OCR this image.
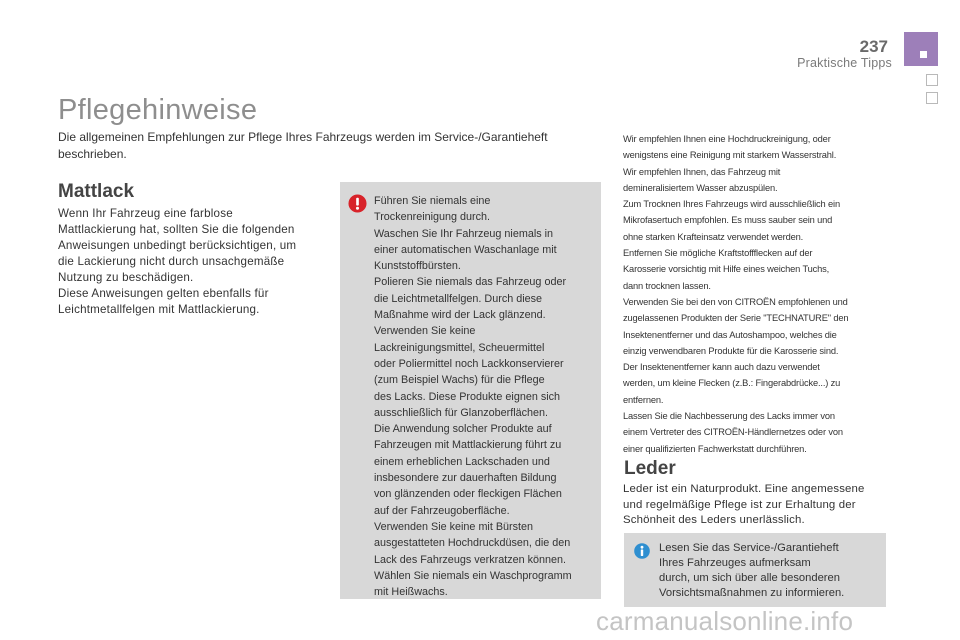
237
Praktische Tipps
Pflegehinweise

Die allgemeinen Empfehlungen zur Pflege Ihres Fahrzeugs werden im Service-/Garantieheft

beschrieben.

Mattlack

Wenn Ihr Fahrzeug eine farblose

Mattlackierung hat, sollten Sie die folgenden

Anweisungen unbedingt berücksichtigen, um

die Lackierung nicht durch unsachgemäße

Nutzung zu beschädigen.

Diese Anweisungen gelten ebenfalls für

Leichtmetallfelgen mit Mattlackierung.

Führen Sie niemals eine

Trockenreinigung durch.

Waschen Sie Ihr Fahrzeug niemals in

einer automatischen Waschanlage mit

Kunststoffbürsten.

Polieren Sie niemals das Fahrzeug oder

die Leichtmetallfelgen. Durch diese

Maßnahme wird der Lack glänzend.

Verwenden Sie keine

Lackreinigungsmittel, Scheuermittel

oder Poliermittel noch Lackkonservierer

(zum Beispiel Wachs) für die Pflege

des Lacks. Diese Produkte eignen sich

ausschließlich für Glanzoberflächen.

Die Anwendung solcher Produkte auf

Fahrzeugen mit Mattlackierung führt zu

einem erheblichen Lackschaden und

insbesondere zur dauerhaften Bildung

von glänzenden oder fleckigen Flächen

auf der Fahrzeugoberfläche.

Verwenden Sie keine mit Bürsten

ausgestatteten Hochdruckdüsen, die den

Lack des Fahrzeugs verkratzen können.

Wählen Sie niemals ein Waschprogramm

mit Heißwachs.

Wir empfehlen Ihnen eine Hochdruckreinigung, oder

wenigstens eine Reinigung mit starkem Wasserstrahl.

Wir empfehlen Ihnen, das Fahrzeug mit

demineralisiertem Wasser abzuspülen.

Zum Trocknen Ihres Fahrzeugs wird ausschließlich ein

Mikrofasertuch empfohlen. Es muss sauber sein und

ohne starken Krafteinsatz verwendet werden.

Entfernen Sie mögliche Kraftstoffflecken auf der

Karosserie vorsichtig mit Hilfe eines weichen Tuchs,

dann trocknen lassen.

Verwenden Sie bei den von CITROËN empfohlenen und

zugelassenen Produkten der Serie "TECHNATURE" den

Insektenentferner und das Autoshampoo, welches die

einzig verwendbaren Produkte für die Karosserie sind.

Der Insektenentferner kann auch dazu verwendet

werden, um kleine Flecken (z.B.: Fingerabdrücke...) zu

entfernen.

Lassen Sie die Nachbesserung des Lacks immer von

einem Vertreter des CITROËN-Händlernetzes oder von

einer qualifizierten Fachwerkstatt durchführen.

Leder

Leder ist ein Naturprodukt. Eine angemessene

und regelmäßige Pflege ist zur Erhaltung der

Schönheit des Leders unerlässlich.

Lesen Sie das Service-/Garantieheft

Ihres Fahrzeuges aufmerksam

durch, um sich über alle besonderen

Vorsichtsmaßnahmen zu informieren.

carmanualsonline.info
